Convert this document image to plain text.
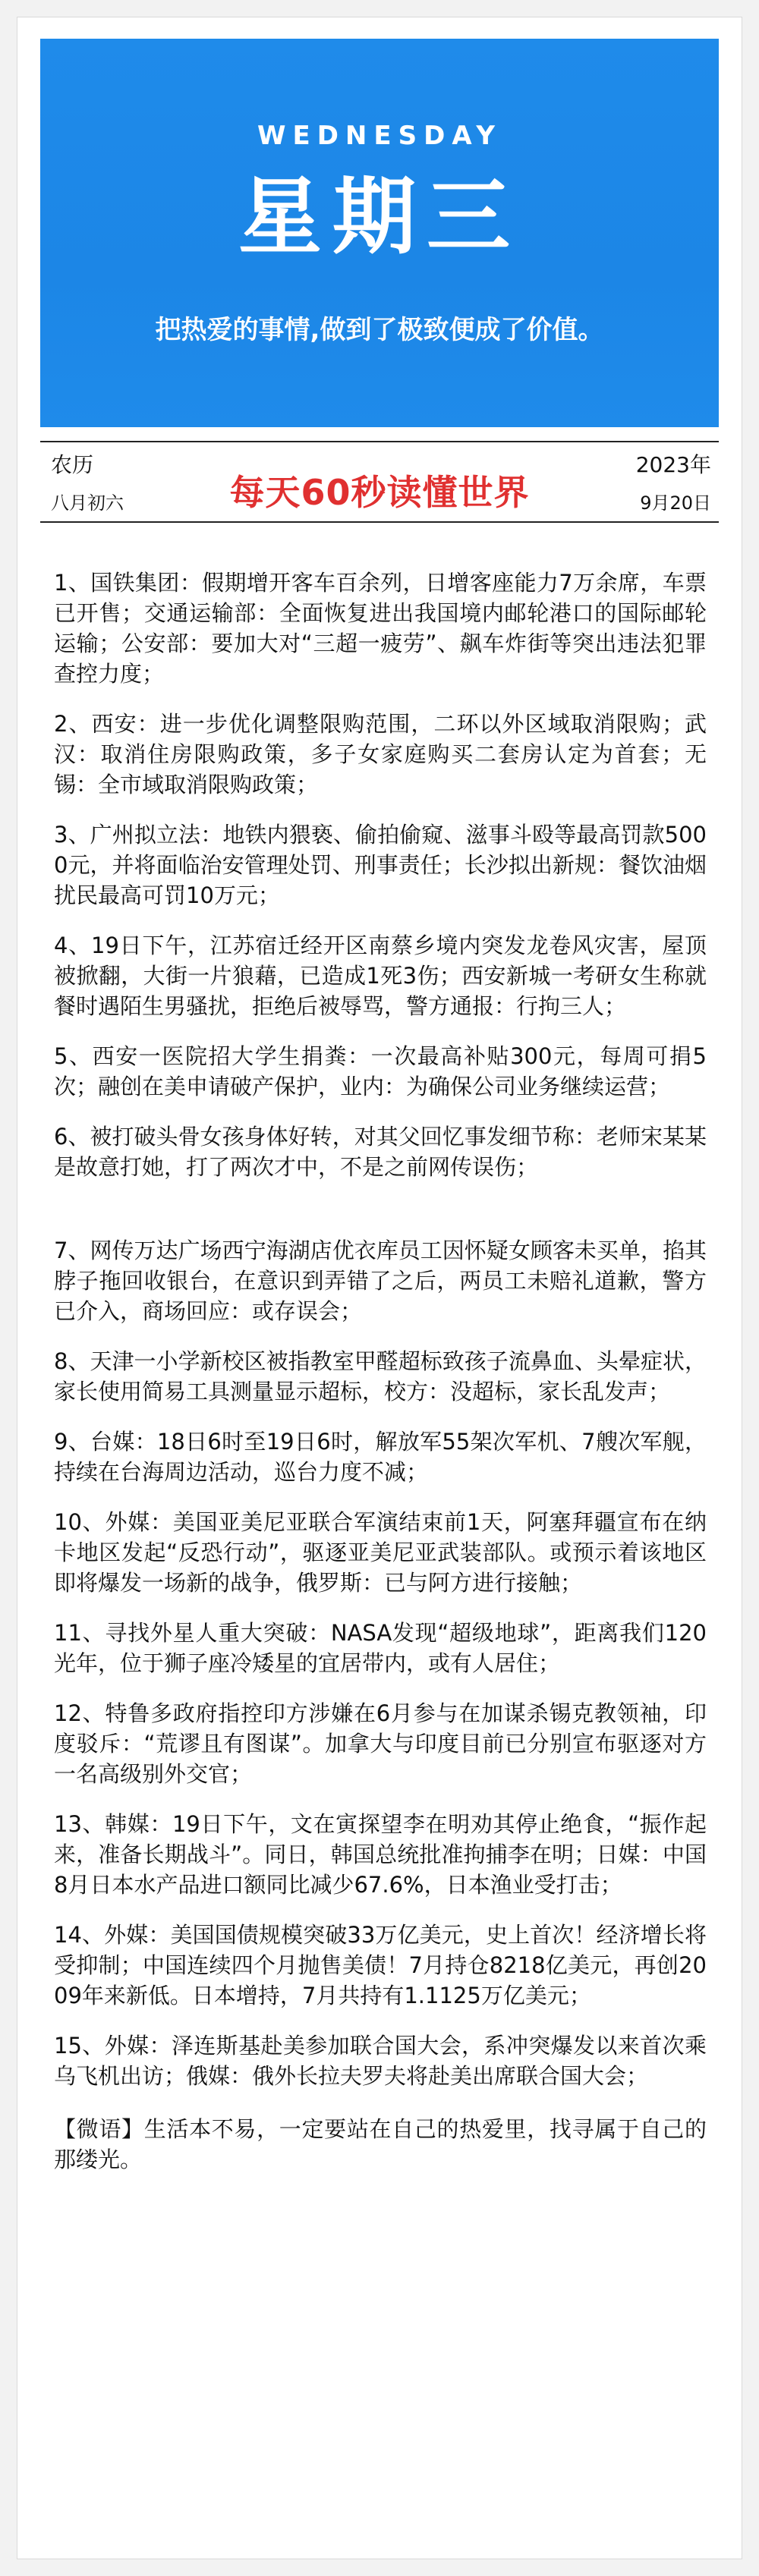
WEDNESDAY
星期三
把热爱的事情,做到了极致便成了价值。
农历
八月初六	每天60秒读懂世界
2023年
9月20日

1、国铁集团：假期增开客车百余列，日增客座能力7万余席，车票已开售；交通运输部：全面恢复进出我国境内邮轮港口的国际邮轮运输；公安部：要加大对“三超一疲劳”、飙车炸街等突出违法犯罪查控力度；

2、西安：进一步优化调整限购范围，二环以外区域取消限购；武汉：取消住房限购政策，多子女家庭购买二套房认定为首套；无锡：全市域取消限购政策；

3、广州拟立法：地铁内猥亵、偷拍偷窥、滋事斗殴等最高罚款5000元，并将面临治安管理处罚、刑事责任；长沙拟出新规：餐饮油烟扰民最高可罚10万元；

4、19日下午，江苏宿迁经开区南蔡乡境内突发龙卷风灾害，屋顶被掀翻，大街一片狼藉，已造成1死3伤；西安新城一考研女生称就餐时遇陌生男骚扰，拒绝后被辱骂，警方通报：行拘三人；

5、西安一医院招大学生捐粪：一次最高补贴300元，每周可捐5次；融创在美申请破产保护，业内：为确保公司业务继续运营；

6、被打破头骨女孩身体好转，对其父回忆事发细节称：老师宋某某是故意打她，打了两次才中，不是之前网传误伤；

7、网传万达广场西宁海湖店优衣库员工因怀疑女顾客未买单，掐其脖子拖回收银台，在意识到弄错了之后，两员工未赔礼道歉，警方已介入，商场回应：或存误会；

8、天津一小学新校区被指教室甲醛超标致孩子流鼻血、头晕症状，家长使用简易工具测量显示超标，校方：没超标，家长乱发声；

9、台媒：18日6时至19日6时，解放军55架次军机、7艘次军舰，持续在台海周边活动，巡台力度不减；

10、外媒：美国亚美尼亚联合军演结束前1天，阿塞拜疆宣布在纳卡地区发起“反恐行动”，驱逐亚美尼亚武装部队。或预示着该地区即将爆发一场新的战争，俄罗斯：已与阿方进行接触；

11、寻找外星人重大突破：NASA发现“超级地球”，距离我们120光年，位于狮子座冷矮星的宜居带内，或有人居住；

12、特鲁多政府指控印方涉嫌在6月参与在加谋杀锡克教领袖，印度驳斥：“荒谬且有图谋”。加拿大与印度目前已分别宣布驱逐对方一名高级别外交官；

13、韩媒：19日下午，文在寅探望李在明劝其停止绝食，“振作起来，准备长期战斗”。同日，韩国总统批准拘捕李在明；日媒：中国8月日本水产品进口额同比减少67.6%，日本渔业受打击；

14、外媒：美国国债规模突破33万亿美元，史上首次！经济增长将受抑制；中国连续四个月抛售美债！7月持仓8218亿美元，再创2009年来新低。日本增持，7月共持有1.1125万亿美元；

15、外媒：泽连斯基赴美参加联合国大会，系冲突爆发以来首次乘乌飞机出访；俄媒：俄外长拉夫罗夫将赴美出席联合国大会；

【微语】生活本不易，一定要站在自己的热爱里，找寻属于自己的那缕光。
